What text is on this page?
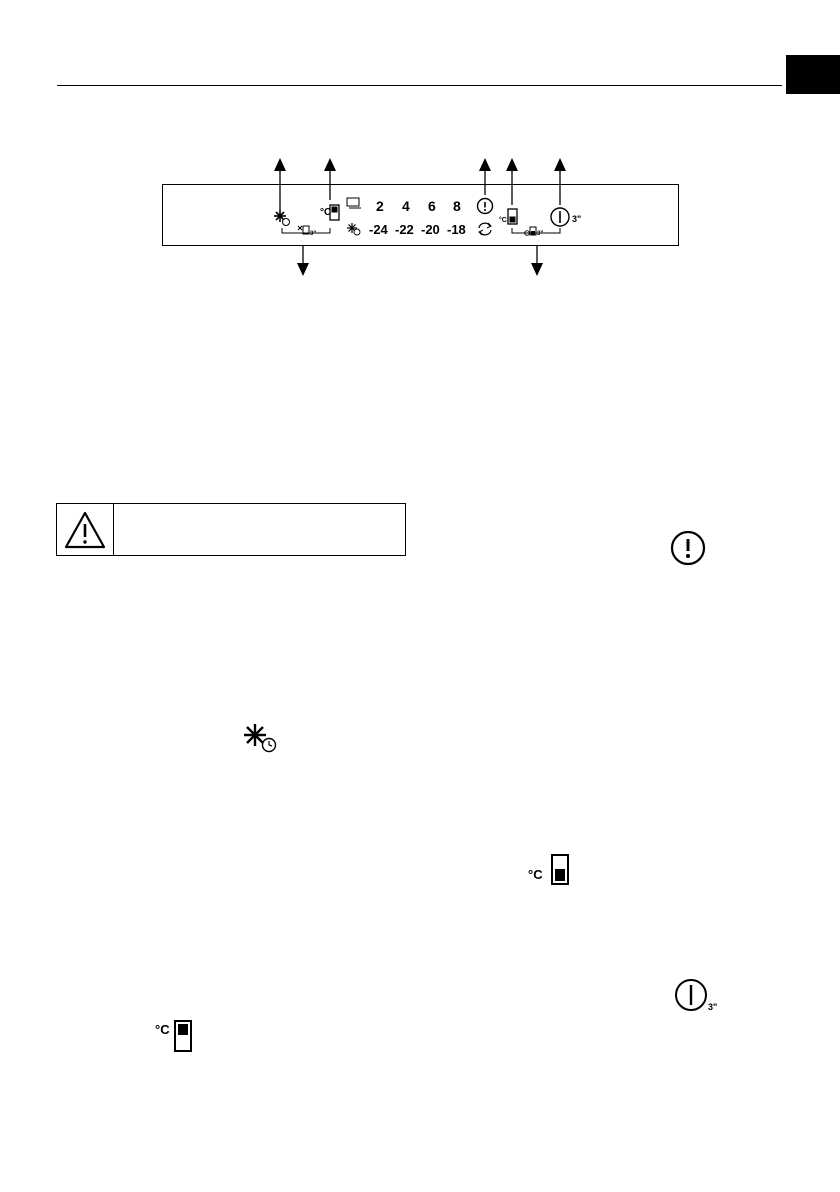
3"
°C	2 4 6 8
-24 -22 -20 -18
°C
3"
3"
°C
3"
°C
